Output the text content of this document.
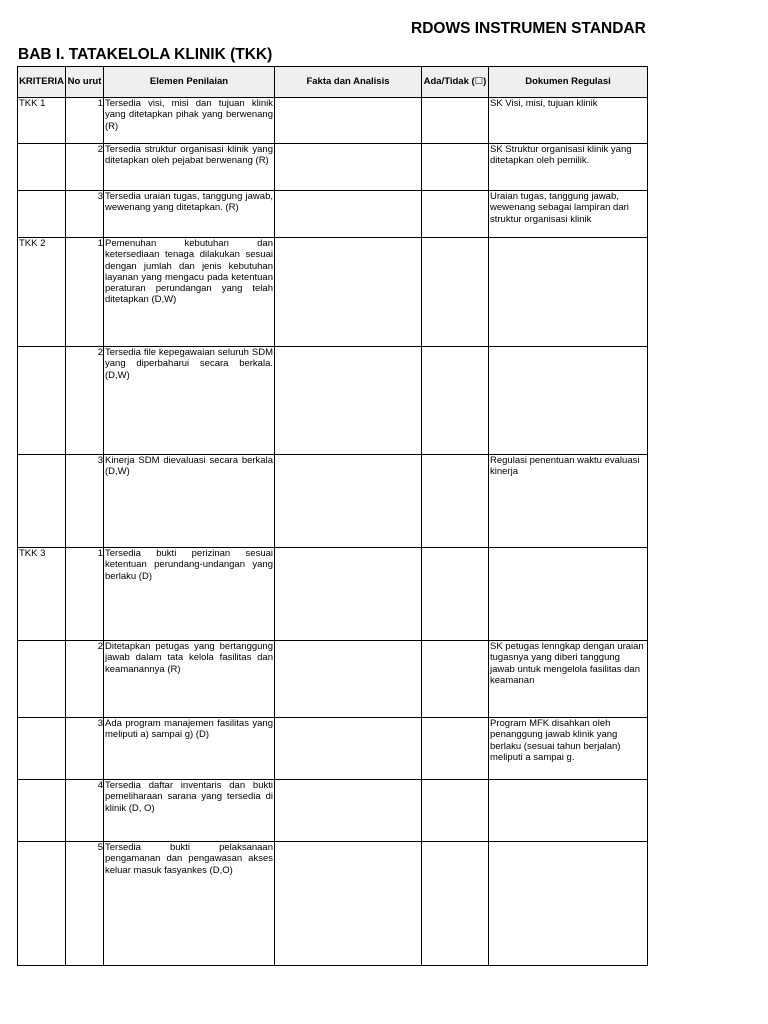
RDOWS INSTRUMEN STANDAR
BAB I. TATAKELOLA KLINIK (TKK)
KRITERIA	No urut	Elemen Penilaian	Fakta dan Analisis	Ada/Tidak (☐)	Dokumen Regulasi

TKK 1	1	Tersedia visi, misi dan tujuan klinik yang ditetapkan pihak yang berwenang (R)			SK Visi, misi, tujuan klinik

	2	Tersedia struktur organisasi klinik yang ditetapkan oleh pejabat berwenang (R)			SK Struktur organisasi klinik yang ditetapkan oleh pemilik.

	3	Tersedia uraian tugas, tanggung jawab, wewenang yang ditetapkan. (R)			Uraian tugas, tanggung jawab, wewenang sebagai lampiran dari struktur organisasi klinik

TKK 2	1	Pemenuhan kebutuhan dan ketersediaan tenaga dilakukan sesuai dengan jumlah dan jenis kebutuhan layanan yang mengacu pada ketentuan peraturan perundangan yang telah ditetapkan (D,W)			

	2	Tersedia file kepegawaian seluruh SDM yang diperbaharui secara berkala. (D,W)			

	3	Kinerja SDM dievaluasi secara berkala (D,W)			Regulasi penentuan waktu evaluasi kinerja

TKK 3	1	Tersedia bukti perizinan sesuai ketentuan perundang-undangan yang berlaku (D)			

	2	Ditetapkan petugas yang bertanggung jawab dalam tata kelola fasilitas dan keamanannya (R)			SK petugas lenngkap dengan uraian tugasnya yang diberi tanggung jawab untuk mengelola fasilitas dan keamanan

	3	Ada program manajemen fasilitas yang meliputi a) sampai g) (D)			Program MFK disahkan oleh penanggung jawab klinik yang berlaku (sesuai tahun berjalan) meliputi a sampai g.

	4	Tersedia daftar inventaris dan bukti pemeliharaan sarana yang tersedia di klinik (D, O)			

	5	Tersedia bukti pelaksanaan pengamanan dan pengawasan akses keluar masuk fasyankes (D,O)			
